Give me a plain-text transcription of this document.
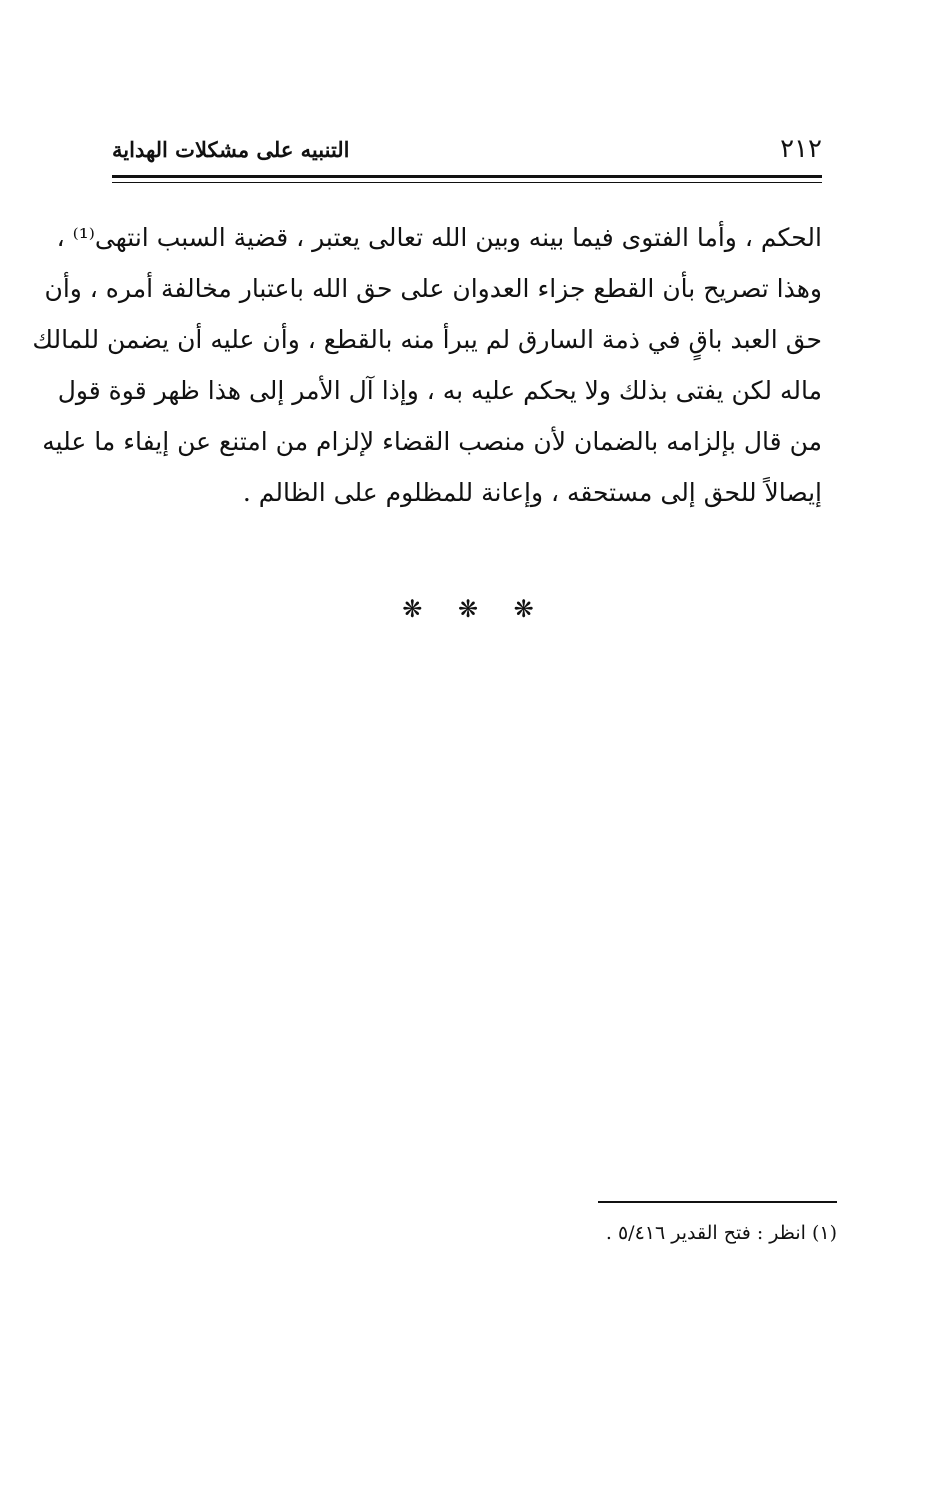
٢١٢
التنبيه على مشكلات الهداية
الحكم ، وأما الفتوى فيما بينه وبين الله تعالى يعتبر ، قضية السبب انتهى⁽¹⁾ ،
وهذا تصريح بأن القطع جزاء العدوان على حق الله باعتبار مخالفة أمره ، وأن
حق العبد باقٍ في ذمة السارق لم يبرأ منه بالقطع ، وأن عليه أن يضمن للمالك
ماله لكن يفتى بذلك ولا يحكم عليه به ، وإذا آل الأمر إلى هذا ظهر قوة قول
من قال بإلزامه بالضمان لأن منصب القضاء لإلزام من امتنع عن إيفاء ما عليه
إيصالاً للحق إلى مستحقه ، وإعانة للمظلوم على الظالم .
❋ ❋ ❋
(١) انظر : فتح القدير ٥/٤١٦ .
